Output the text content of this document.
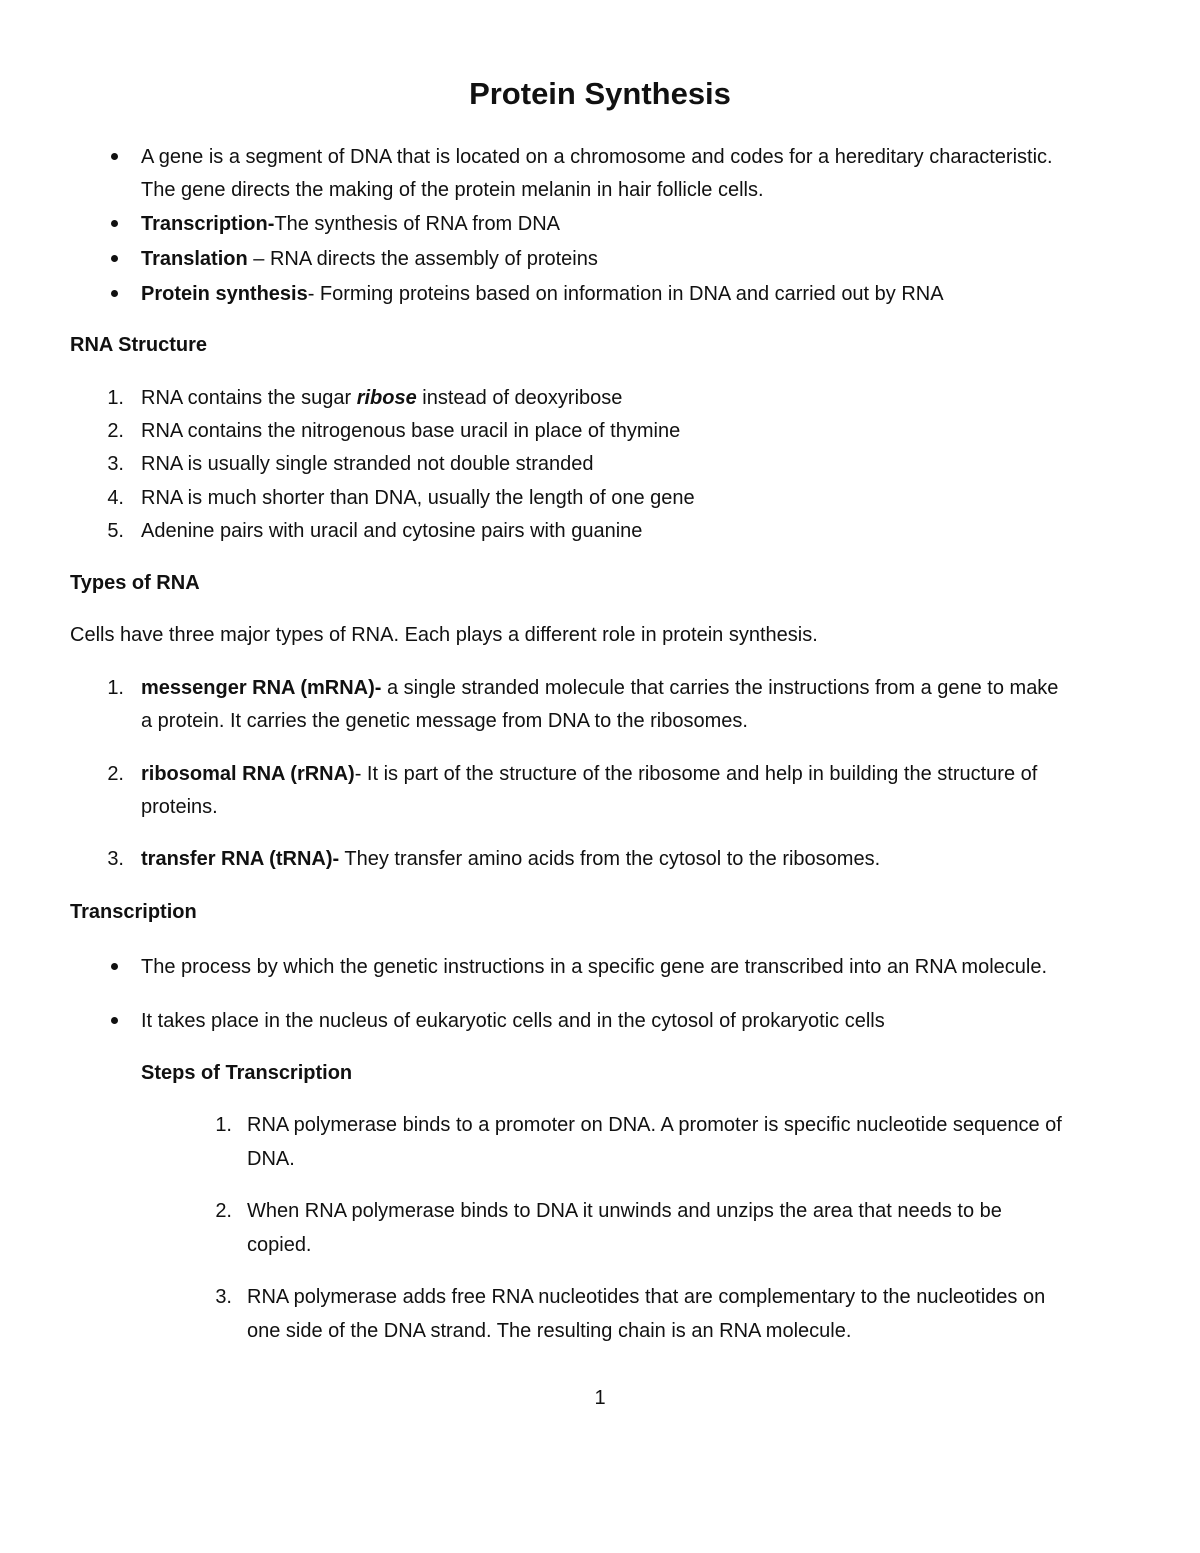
Protein Synthesis
A gene is a segment of DNA that is located on a chromosome and codes for a hereditary characteristic.
The gene directs the making of the protein melanin in hair follicle cells.
Transcription-The synthesis of RNA from DNA
Translation – RNA directs the assembly of proteins
Protein synthesis- Forming proteins based on information in DNA and carried out by RNA
RNA Structure
1. RNA contains the sugar ribose instead of deoxyribose
2. RNA contains the nitrogenous base uracil in place of thymine
3. RNA is usually single stranded not double stranded
4. RNA is much shorter than DNA, usually the length of one gene
5. Adenine pairs with uracil and cytosine pairs with guanine
Types of RNA
Cells have three major types of RNA. Each plays a different role in protein synthesis.
1. messenger RNA (mRNA)- a single stranded molecule that carries the instructions from a gene to make
a protein. It carries the genetic message from DNA to the ribosomes.
2. ribosomal RNA (rRNA)- It is part of the structure of the ribosome and help in building the structure of
proteins.
3. transfer RNA (tRNA)- They transfer amino acids from the cytosol to the ribosomes.
Transcription
The process by which the genetic instructions in a specific gene are transcribed into an RNA molecule.
It takes place in the nucleus of eukaryotic cells and in the cytosol of prokaryotic cells
Steps of Transcription
1. RNA polymerase binds to a promoter on DNA. A promoter is specific nucleotide sequence of
DNA.
2. When RNA polymerase binds to DNA it unwinds and unzips the area that needs to be
copied.
3. RNA polymerase adds free RNA nucleotides that are complementary to the nucleotides on
one side of the DNA strand. The resulting chain is an RNA molecule.
1
